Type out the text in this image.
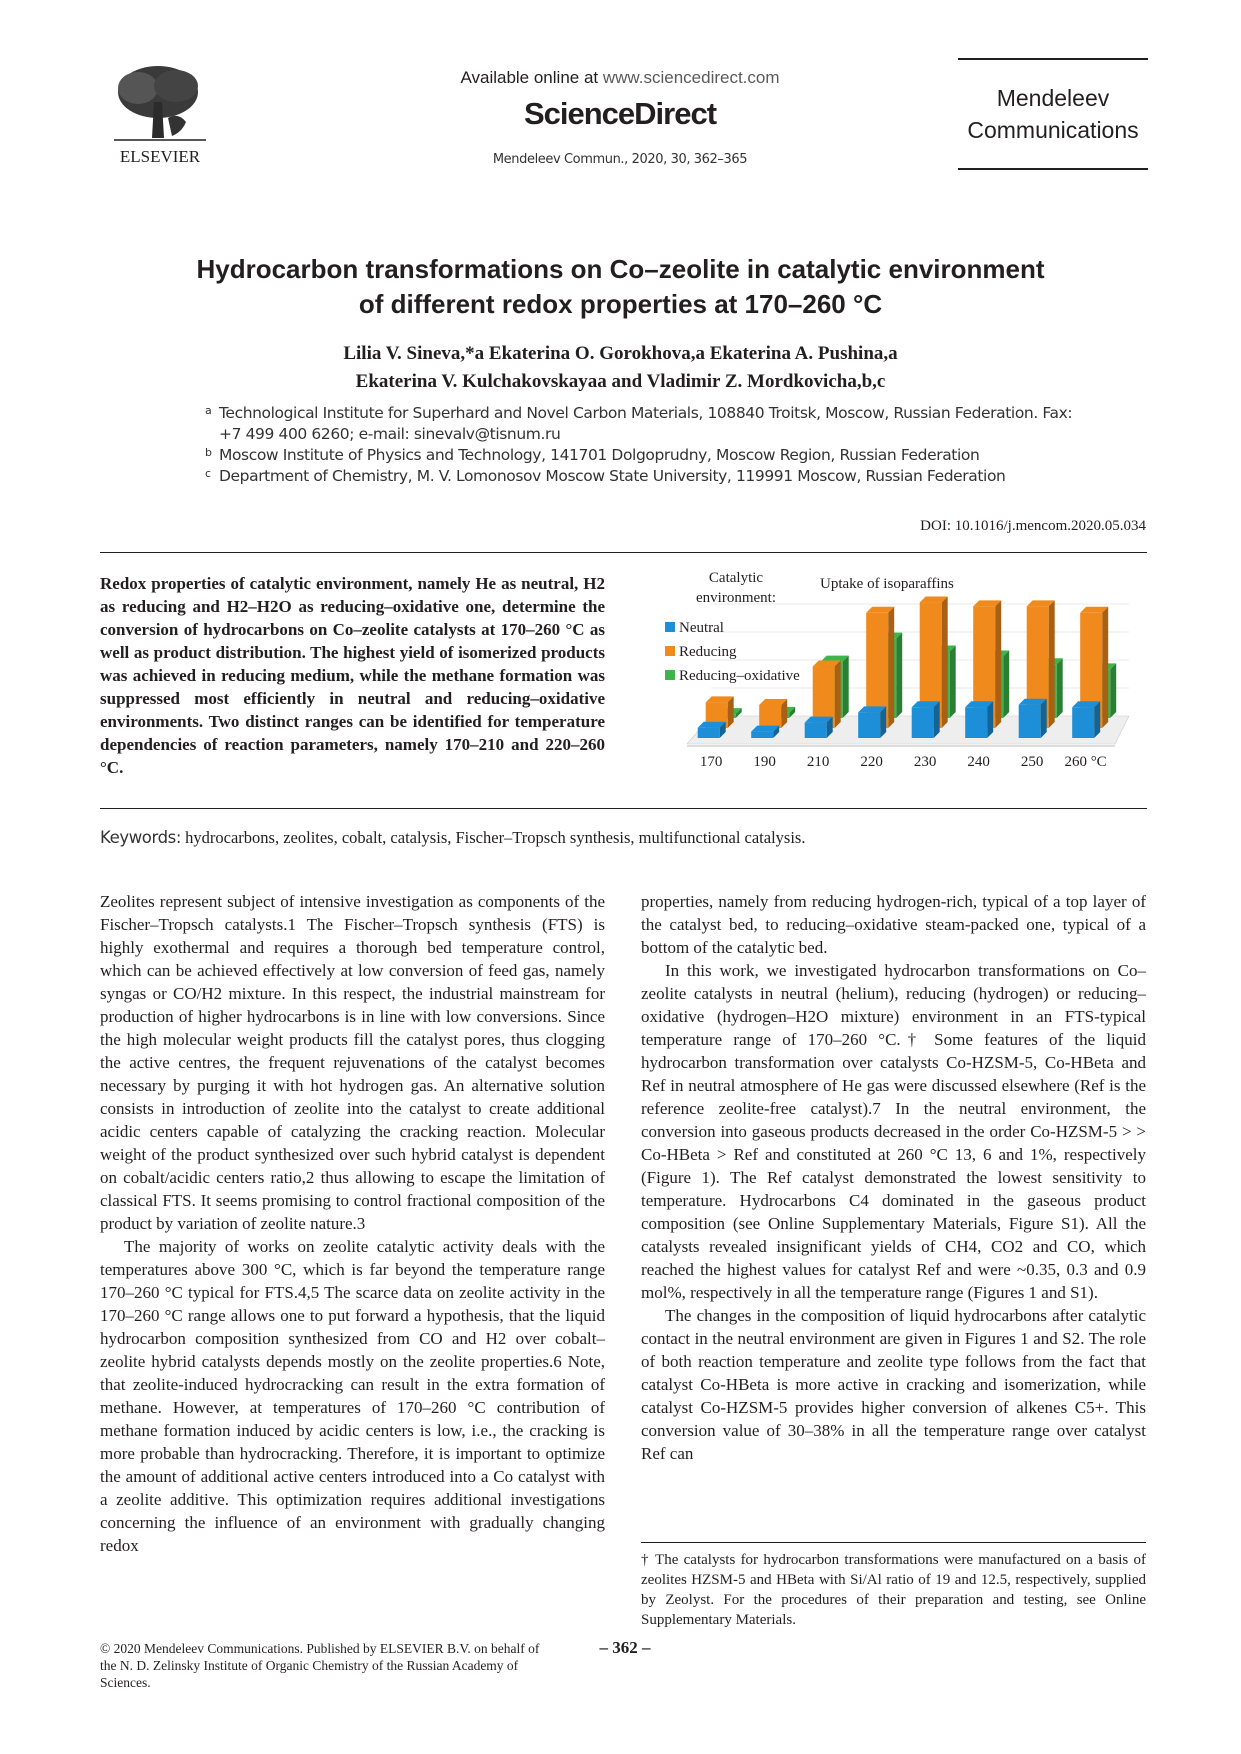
ELSEVIER
Available online at www.sciencedirect.com
ScienceDirect
Mendeleev Commun., 2020, 30, 362–365
Mendeleev
Communications
Hydrocarbon transformations on Co–zeolite in catalytic environment
of different redox properties at 170–260 °C
Lilia V. Sineva,*a Ekaterina O. Gorokhova,a Ekaterina A. Pushina,a
Ekaterina V. Kulchakovskayaa and Vladimir Z. Mordkovicha,b,c
a Technological Institute for Superhard and Novel Carbon Materials, 108840 Troitsk, Moscow, Russian Federation. Fax: +7 499 400 6260; e-mail: sinevalv@tisnum.ru
b Moscow Institute of Physics and Technology, 141701 Dolgoprudny, Moscow Region, Russian Federation
c Department of Chemistry, M. V. Lomonosov Moscow State University, 119991 Moscow, Russian Federation
DOI: 10.1016/j.mencom.2020.05.034
Redox properties of catalytic environment, namely He as neutral, H2 as reducing and H2–H2O as reducing–oxidative one, determine the conversion of hydrocarbons on Co–zeolite catalysts at 170–260 °C as well as product distribution. The highest yield of isomerized products was achieved in reducing medium, while the methane formation was suppressed most efficiently in neutral and reducing–oxidative environments. Two distinct ranges can be identified for temperature dependencies of reaction parameters, namely 170–210 and 220–260 °C.	170 190 210 220 230 240 250 260 °C
Catalytic environment:
Uptake of isoparaffins
Neutral
Reducing
Reducing–oxidative
Keywords: hydrocarbons, zeolites, cobalt, catalysis, Fischer–Tropsch synthesis, multifunctional catalysis.

Zeolites represent subject of intensive investigation as components of the Fischer–Tropsch catalysts.1 The Fischer–Tropsch synthesis (FTS) is highly exothermal and requires a thorough bed temperature control, which can be achieved effectively at low conversion of feed gas, namely syngas or CO/H2 mixture. In this respect, the industrial mainstream for production of higher hydrocarbons is in line with low conversions. Since the high molecular weight products fill the catalyst pores, thus clogging the active centres, the frequent rejuvenations of the catalyst becomes necessary by purging it with hot hydrogen gas. An alternative solution consists in introduction of zeolite into the catalyst to create additional acidic centers capable of catalyzing the cracking reaction. Molecular weight of the product synthesized over such hybrid catalyst is dependent on cobalt/acidic centers ratio,2 thus allowing to escape the limitation of classical FTS. It seems promising to control fractional composition of the product by variation of zeolite nature.3

The majority of works on zeolite catalytic activity deals with the temperatures above 300 °C, which is far beyond the temperature range 170–260 °C typical for FTS.4,5 The scarce data on zeolite activity in the 170–260 °C range allows one to put forward a hypothesis, that the liquid hydrocarbon composition synthesized from CO and H2 over cobalt–zeolite hybrid catalysts depends mostly on the zeolite properties.6 Note, that zeolite-induced hydrocracking can result in the extra formation of methane. However, at temperatures of 170–260 °C contribution of methane formation induced by acidic centers is low, i.e., the cracking is more probable than hydrocracking. Therefore, it is important to optimize the amount of additional active centers introduced into a Co catalyst with a zeolite additive. This optimization requires additional investigations concerning the influence of an environment with gradually changing redox

properties, namely from reducing hydrogen-rich, typical of a top layer of the catalyst bed, to reducing–oxidative steam-packed one, typical of a bottom of the catalytic bed.

In this work, we investigated hydrocarbon transformations on Co–zeolite catalysts in neutral (helium), reducing (hydrogen) or reducing–oxidative (hydrogen–H2O mixture) environment in an FTS-typical temperature range of 170–260 °C.† Some features of the liquid hydrocarbon transformation over catalysts Co-HZSM-5, Co-HBeta and Ref in neutral atmosphere of He gas were discussed elsewhere (Ref is the reference zeolite-free catalyst).7 In the neutral environment, the conversion into gaseous products decreased in the order Co-HZSM-5 > > Co-HBeta > Ref and constituted at 260 °C 13, 6 and 1%, respectively (Figure 1). The Ref catalyst demonstrated the lowest sensitivity to temperature. Hydrocarbons C4 dominated in the gaseous product composition (see Online Supplementary Materials, Figure S1). All the catalysts revealed insignificant yields of CH4, CO2 and CO, which reached the highest values for catalyst Ref and were ~0.35, 0.3 and 0.9 mol%, respectively in all the temperature range (Figures 1 and S1).

The changes in the composition of liquid hydrocarbons after catalytic contact in the neutral environment are given in Figures 1 and S2. The role of both reaction temperature and zeolite type follows from the fact that catalyst Co-HBeta is more active in cracking and isomerization, while catalyst Co-HZSM-5 provides higher conversion of alkenes C5+. This conversion value of 30–38% in all the temperature range over catalyst Ref can

† The catalysts for hydrocarbon transformations were manufactured on a basis of zeolites HZSM-5 and HBeta with Si/Al ratio of 19 and 12.5, respectively, supplied by Zeolyst. For the procedures of their preparation and testing, see Online Supplementary Materials.
© 2020 Mendeleev Communications. Published by ELSEVIER B.V. on behalf of the N. D. Zelinsky Institute of Organic Chemistry of the Russian Academy of Sciences.
– 362 –
